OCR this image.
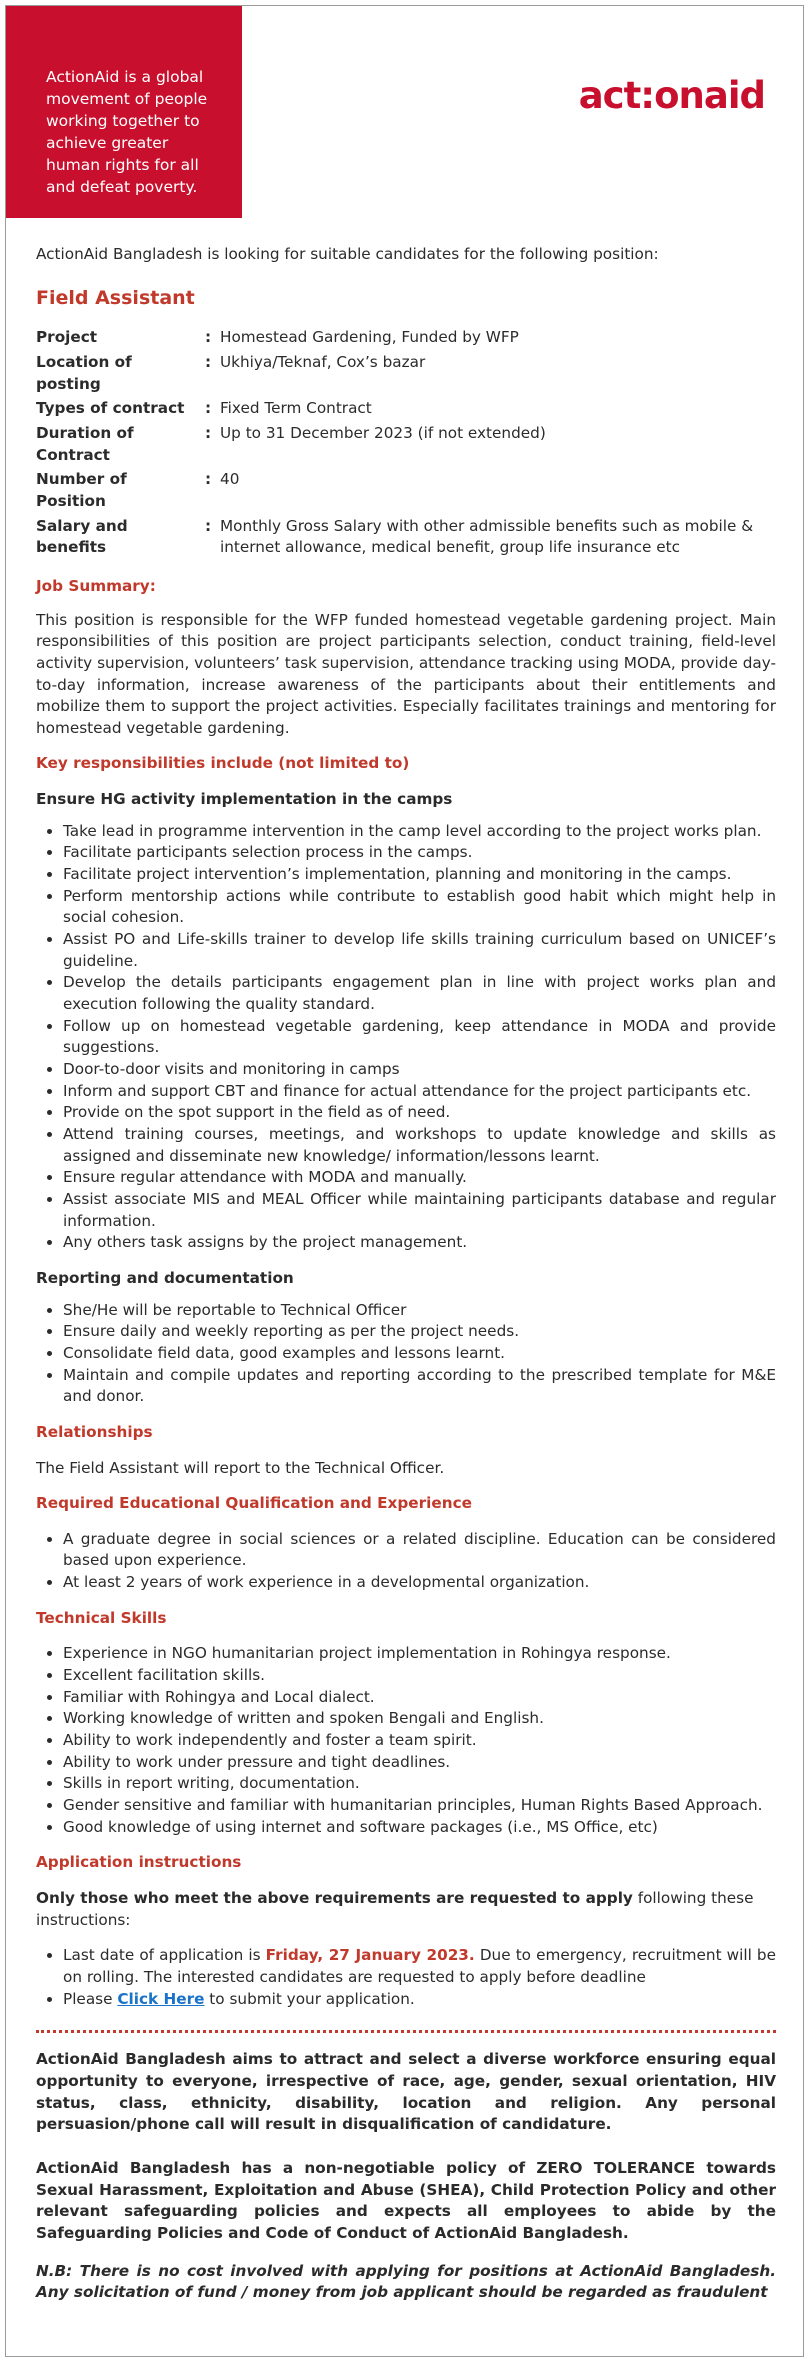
ActionAid is a global movement of people working together to achieve greater human rights for all and defeat poverty.
act:onaid

ActionAid Bangladesh is looking for suitable candidates for the following position:

Field Assistant

Project	:	Homestead Gardening, Funded by WFP
Location of posting	:	Ukhiya/Teknaf, Cox’s bazar
Types of contract	:	Fixed Term Contract
Duration of Contract	:	Up to 31 December 2023 (if not extended)
Number of Position	:	40
Salary and benefits	:	Monthly Gross Salary with other admissible benefits such as mobile & internet allowance, medical benefit, group life insurance etc

Job Summary:

This position is responsible for the WFP funded homestead vegetable gardening project. Main responsibilities of this position are project participants selection, conduct training, field-level activity supervision, volunteers’ task supervision, attendance tracking using MODA, provide day-to-day information, increase awareness of the participants about their entitlements and mobilize them to support the project activities. Especially facilitates trainings and mentoring for homestead vegetable gardening.

Key responsibilities include (not limited to)

Ensure HG activity implementation in the camps

• Take lead in programme intervention in the camp level according to the project works plan.
• Facilitate participants selection process in the camps.
• Facilitate project intervention’s implementation, planning and monitoring in the camps.
• Perform mentorship actions while contribute to establish good habit which might help in social cohesion.
• Assist PO and Life-skills trainer to develop life skills training curriculum based on UNICEF’s guideline.
• Develop the details participants engagement plan in line with project works plan and execution following the quality standard.
• Follow up on homestead vegetable gardening, keep attendance in MODA and provide suggestions.
• Door-to-door visits and monitoring in camps
• Inform and support CBT and finance for actual attendance for the project participants etc.
• Provide on the spot support in the field as of need.
• Attend training courses, meetings, and workshops to update knowledge and skills as assigned and disseminate new knowledge/ information/lessons learnt.
• Ensure regular attendance with MODA and manually.
• Assist associate MIS and MEAL Officer while maintaining participants database and regular information.
• Any others task assigns by the project management.

Reporting and documentation

• She/He will be reportable to Technical Officer
• Ensure daily and weekly reporting as per the project needs.
• Consolidate field data, good examples and lessons learnt.
• Maintain and compile updates and reporting according to the prescribed template for M&E and donor.

Relationships

The Field Assistant will report to the Technical Officer.

Required Educational Qualification and Experience

• A graduate degree in social sciences or a related discipline. Education can be considered based upon experience.
• At least 2 years of work experience in a developmental organization.

Technical Skills

• Experience in NGO humanitarian project implementation in Rohingya response.
• Excellent facilitation skills.
• Familiar with Rohingya and Local dialect.
• Working knowledge of written and spoken Bengali and English.
• Ability to work independently and foster a team spirit.
• Ability to work under pressure and tight deadlines.
• Skills in report writing, documentation.
• Gender sensitive and familiar with humanitarian principles, Human Rights Based Approach.
• Good knowledge of using internet and software packages (i.e., MS Office, etc)

Application instructions

Only those who meet the above requirements are requested to apply following these instructions:

• Last date of application is Friday, 27 January 2023. Due to emergency, recruitment will be on rolling. The interested candidates are requested to apply before deadline
• Please Click Here to submit your application.

ActionAid Bangladesh aims to attract and select a diverse workforce ensuring equal opportunity to everyone, irrespective of race, age, gender, sexual orientation, HIV status, class, ethnicity, disability, location and religion. Any personal persuasion/phone call will result in disqualification of candidature.

ActionAid Bangladesh has a non-negotiable policy of ZERO TOLERANCE towards Sexual Harassment, Exploitation and Abuse (SHEA), Child Protection Policy and other relevant safeguarding policies and expects all employees to abide by the Safeguarding Policies and Code of Conduct of ActionAid Bangladesh.

N.B: There is no cost involved with applying for positions at ActionAid Bangladesh. Any solicitation of fund / money from job applicant should be regarded as fraudulent
